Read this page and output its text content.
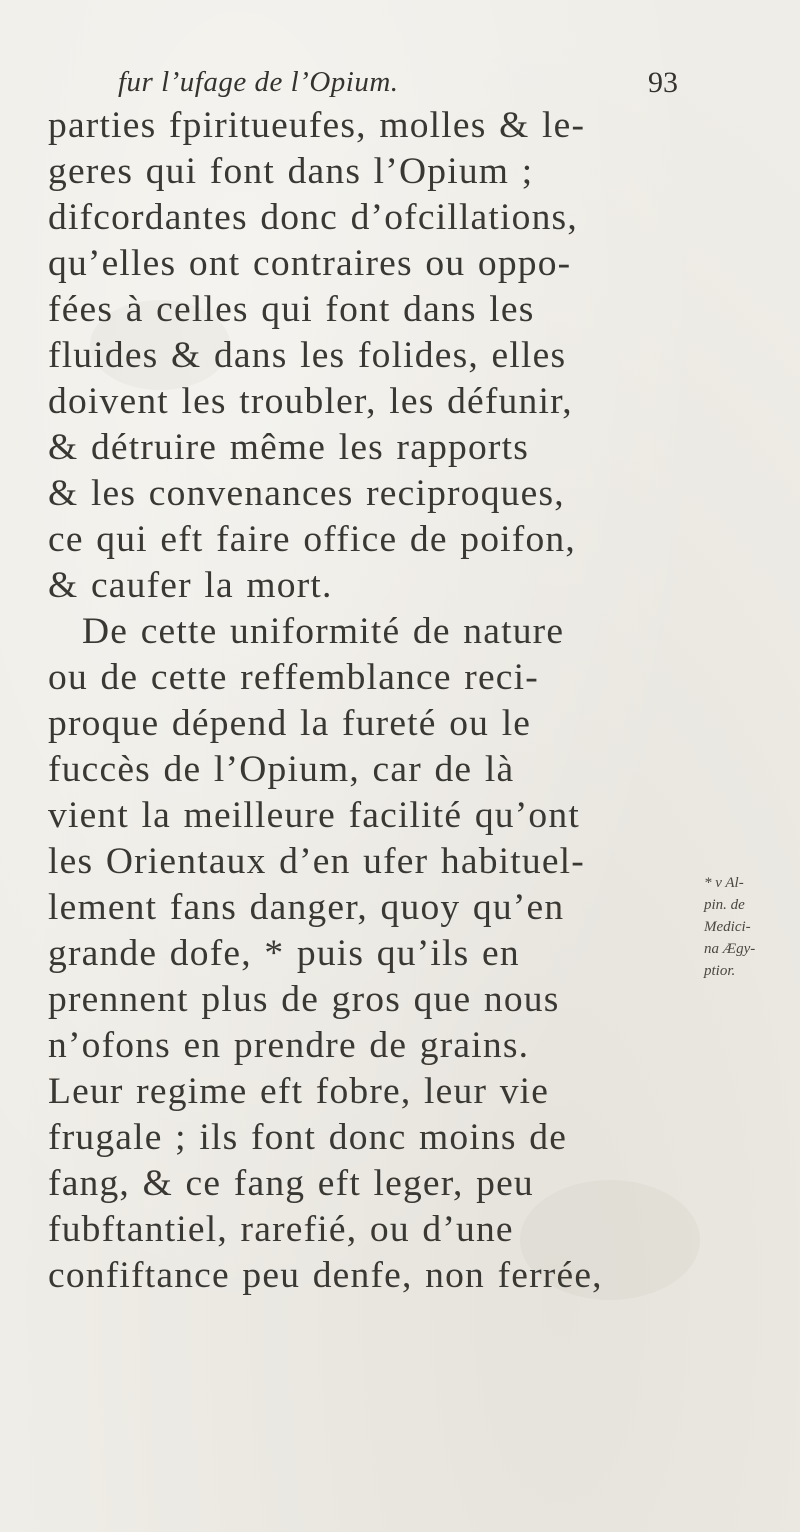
fur l’ufage de l’Opium.	93
parties fpiritueufes, molles & le-
geres qui font dans l’Opium ;
difcordantes donc d’ofcillations,
qu’elles ont contraires ou oppo-
fées à celles qui font dans les
fluides & dans les folides, elles
doivent les troubler, les défunir,
& détruire même les rapports
& les convenances reciproques,
ce qui eft faire office de poifon,
& caufer la mort.
De cette uniformité de nature
ou de cette reffemblance reci-
proque dépend la fureté ou le
fuccès de l’Opium, car de là
vient la meilleure facilité qu’ont
les Orientaux d’en ufer habituel-
lement fans danger, quoy qu’en
grande dofe, * puis qu’ils en
prennent plus de gros que nous
n’ofons en prendre de grains.
Leur regime eft fobre, leur vie
frugale ; ils font donc moins de
fang, & ce fang eft leger, peu
fubftantiel, rarefié, ou d’une
confiftance peu denfe, non ferrée,
* v Al-
pin. de
Medici-
na Ægy-
ptior.
